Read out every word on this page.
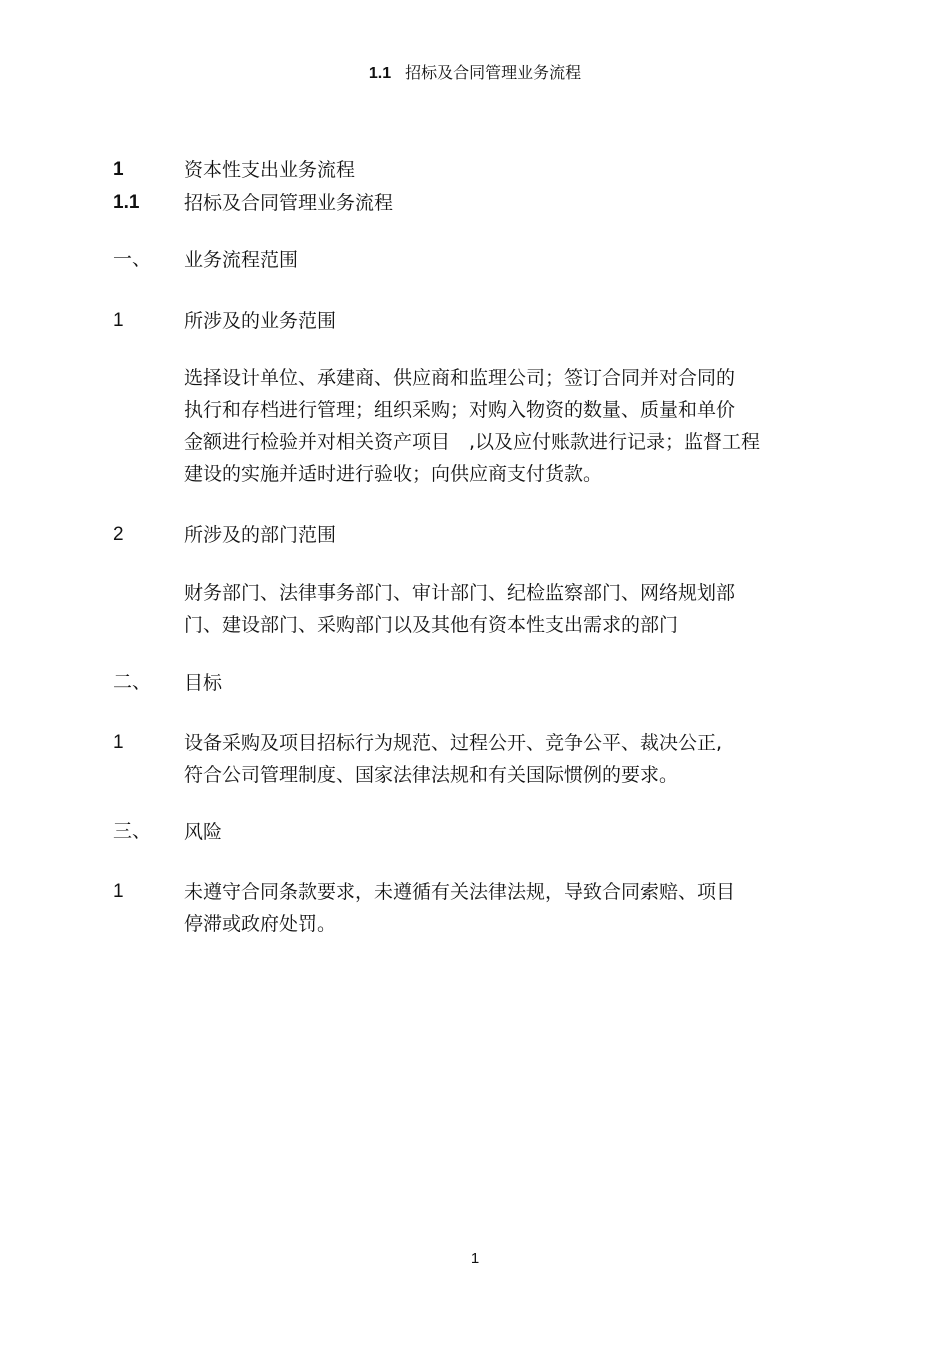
1.1 招标及合同管理业务流程
1	资本性支出业务流程
1.1 招标及合同管理业务流程
一、 业务流程范围
1	所涉及的业务范围
选择设计单位、承建商、供应商和监理公司；签订合同并对合同的
执行和存档进行管理；组织采购；对购入物资的数量、质量和单价
金额进行检验并对相关资产项目　,以及应付账款进行记录；监督工程
建设的实施并适时进行验收；向供应商支付货款。
2	所涉及的部门范围
财务部门、法律事务部门、审计部门、纪检监察部门、网络规划部
门、建设部门、采购部门以及其他有资本性支出需求的部门
二、 目标
1	设备采购及项目招标行为规范、过程公开、竞争公平、裁决公正,
符合公司管理制度、国家法律法规和有关国际惯例的要求。
三、 风险
1	未遵守合同条款要求，未遵循有关法律法规，导致合同索赔、项目
停滞或政府处罚。
1
